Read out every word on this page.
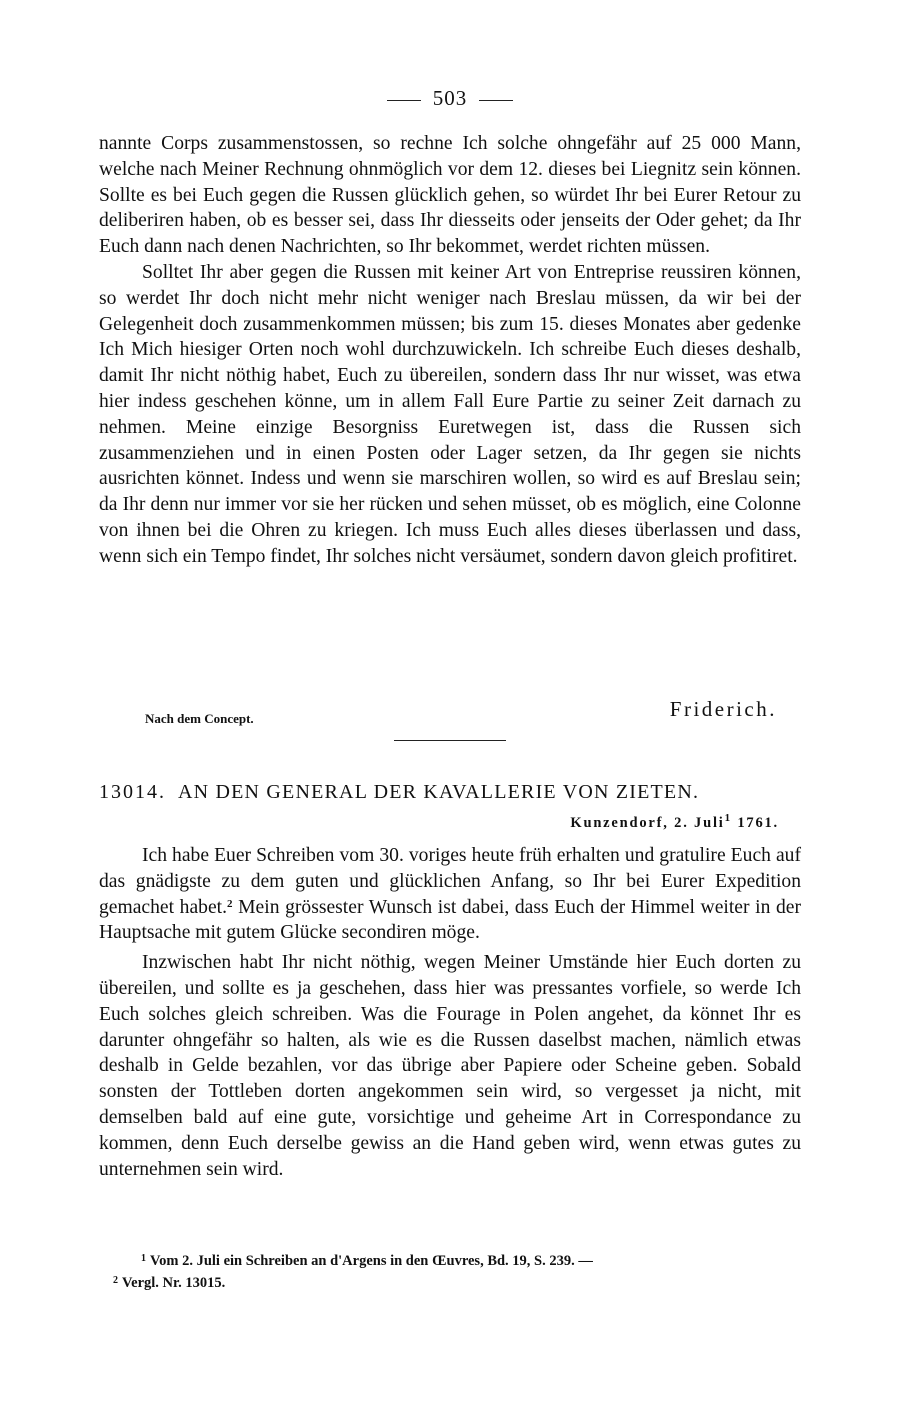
503

nannte Corps zusammenstossen, so rechne Ich solche ohngefähr auf 25 000 Mann, welche nach Meiner Rechnung ohnmöglich vor dem 12. dieses bei Liegnitz sein können. Sollte es bei Euch gegen die Russen glücklich gehen, so würdet Ihr bei Eurer Retour zu deliberiren haben, ob es besser sei, dass Ihr diesseits oder jenseits der Oder gehet; da Ihr Euch dann nach denen Nachrichten, so Ihr bekommet, werdet richten müssen.

Solltet Ihr aber gegen die Russen mit keiner Art von Entreprise reussiren können, so werdet Ihr doch nicht mehr nicht weniger nach Breslau müssen, da wir bei der Gelegenheit doch zusammenkommen müssen; bis zum 15. dieses Monates aber gedenke Ich Mich hiesiger Orten noch wohl durchzuwickeln. Ich schreibe Euch dieses deshalb, damit Ihr nicht nöthig habet, Euch zu übereilen, sondern dass Ihr nur wisset, was etwa hier indess geschehen könne, um in allem Fall Eure Partie zu seiner Zeit darnach zu nehmen. Meine einzige Besorgniss Euretwegen ist, dass die Russen sich zusammenziehen und in einen Posten oder Lager setzen, da Ihr gegen sie nichts ausrichten könnet. Indess und wenn sie marschiren wollen, so wird es auf Breslau sein; da Ihr denn nur immer vor sie her rücken und sehen müsset, ob es möglich, eine Colonne von ihnen bei die Ohren zu kriegen. Ich muss Euch alles dieses überlassen und dass, wenn sich ein Tempo findet, Ihr solches nicht versäumet, sondern davon gleich profitiret.

Nach dem Concept.	Friderich.
13014. AN DEN GENERAL DER KAVALLERIE VON ZIETEN.
Kunzendorf, 2. Juli$^1$ 1761.

Ich habe Euer Schreiben vom 30. voriges heute früh erhalten und gratulire Euch auf das gnädigste zu dem guten und glücklichen Anfang, so Ihr bei Eurer Expedition gemachet habet.$^2$ Mein grössester Wunsch ist dabei, dass Euch der Himmel weiter in der Hauptsache mit gutem Glücke secondiren möge.

Inzwischen habt Ihr nicht nöthig, wegen Meiner Umstände hier Euch dorten zu übereilen, und sollte es ja geschehen, dass hier was pressantes vorfiele, so werde Ich Euch solches gleich schreiben. Was die Fourage in Polen angehet, da könnet Ihr es darunter ohngefähr so halten, als wie es die Russen daselbst machen, nämlich etwas deshalb in Gelde bezahlen, vor das übrige aber Papiere oder Scheine geben. Sobald sonsten der Tottleben dorten angekommen sein wird, so vergesset ja nicht, mit demselben bald auf eine gute, vorsichtige und geheime Art in Correspondance zu kommen, denn Euch derselbe gewiss an die Hand geben wird, wenn etwas gutes zu unternehmen sein wird.

$^1$ Vom 2. Juli ein Schreiben an d'Argens in den Œuvres, Bd. 19, S. 239. —
$^2$ Vergl. Nr. 13015.
